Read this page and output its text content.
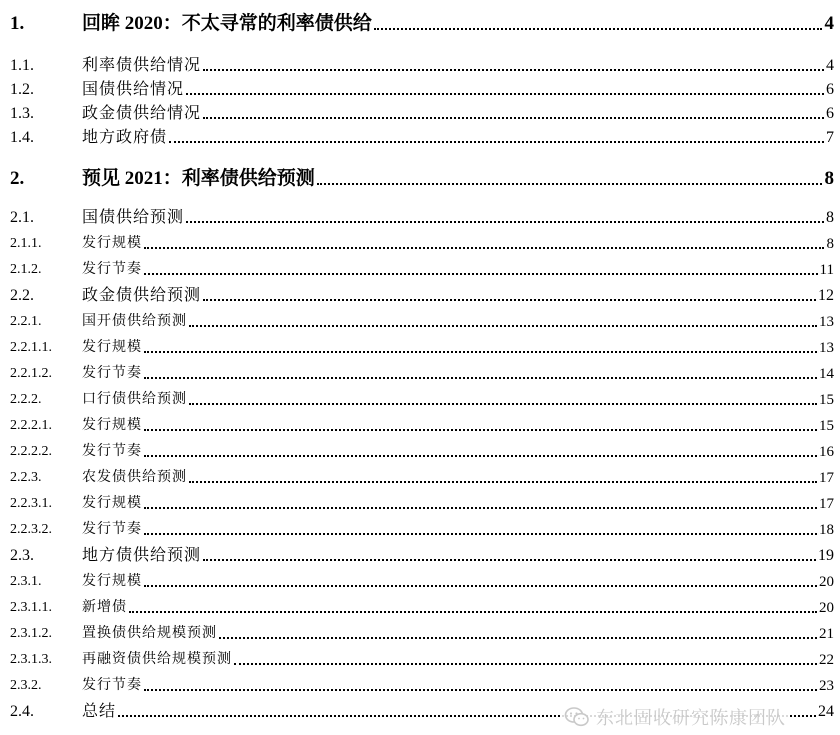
1.	回眸 2020：不太寻常的利率债供给	4
1.1.	利率债供给情况	4
1.2.	国债供给情况	6
1.3.	政金债供给情况	6
1.4.	地方政府债	7
2.	预见 2021：利率债供给预测	8
2.1.	国债供给预测	8
2.1.1.	发行规模	8
2.1.2.	发行节奏	11
2.2.	政金债供给预测	12
2.2.1.	国开债供给预测	13
2.2.1.1. 发行规模	13
2.2.1.2. 发行节奏	14
2.2.2.	口行债供给预测	15
2.2.2.1. 发行规模	15
2.2.2.2. 发行节奏	16
2.2.3.	农发债供给预测	17
2.2.3.1. 发行规模	17
2.2.3.2. 发行节奏	18
2.3.	地方债供给预测	19
2.3.1.	发行规模	20
2.3.1.1. 新增债	20
2.3.1.2. 置换债供给规模预测	21
2.3.1.3. 再融资债供给规模预测	22
2.3.2.	发行节奏	23
2.4.	总结	24
东北固收研究陈康团队
